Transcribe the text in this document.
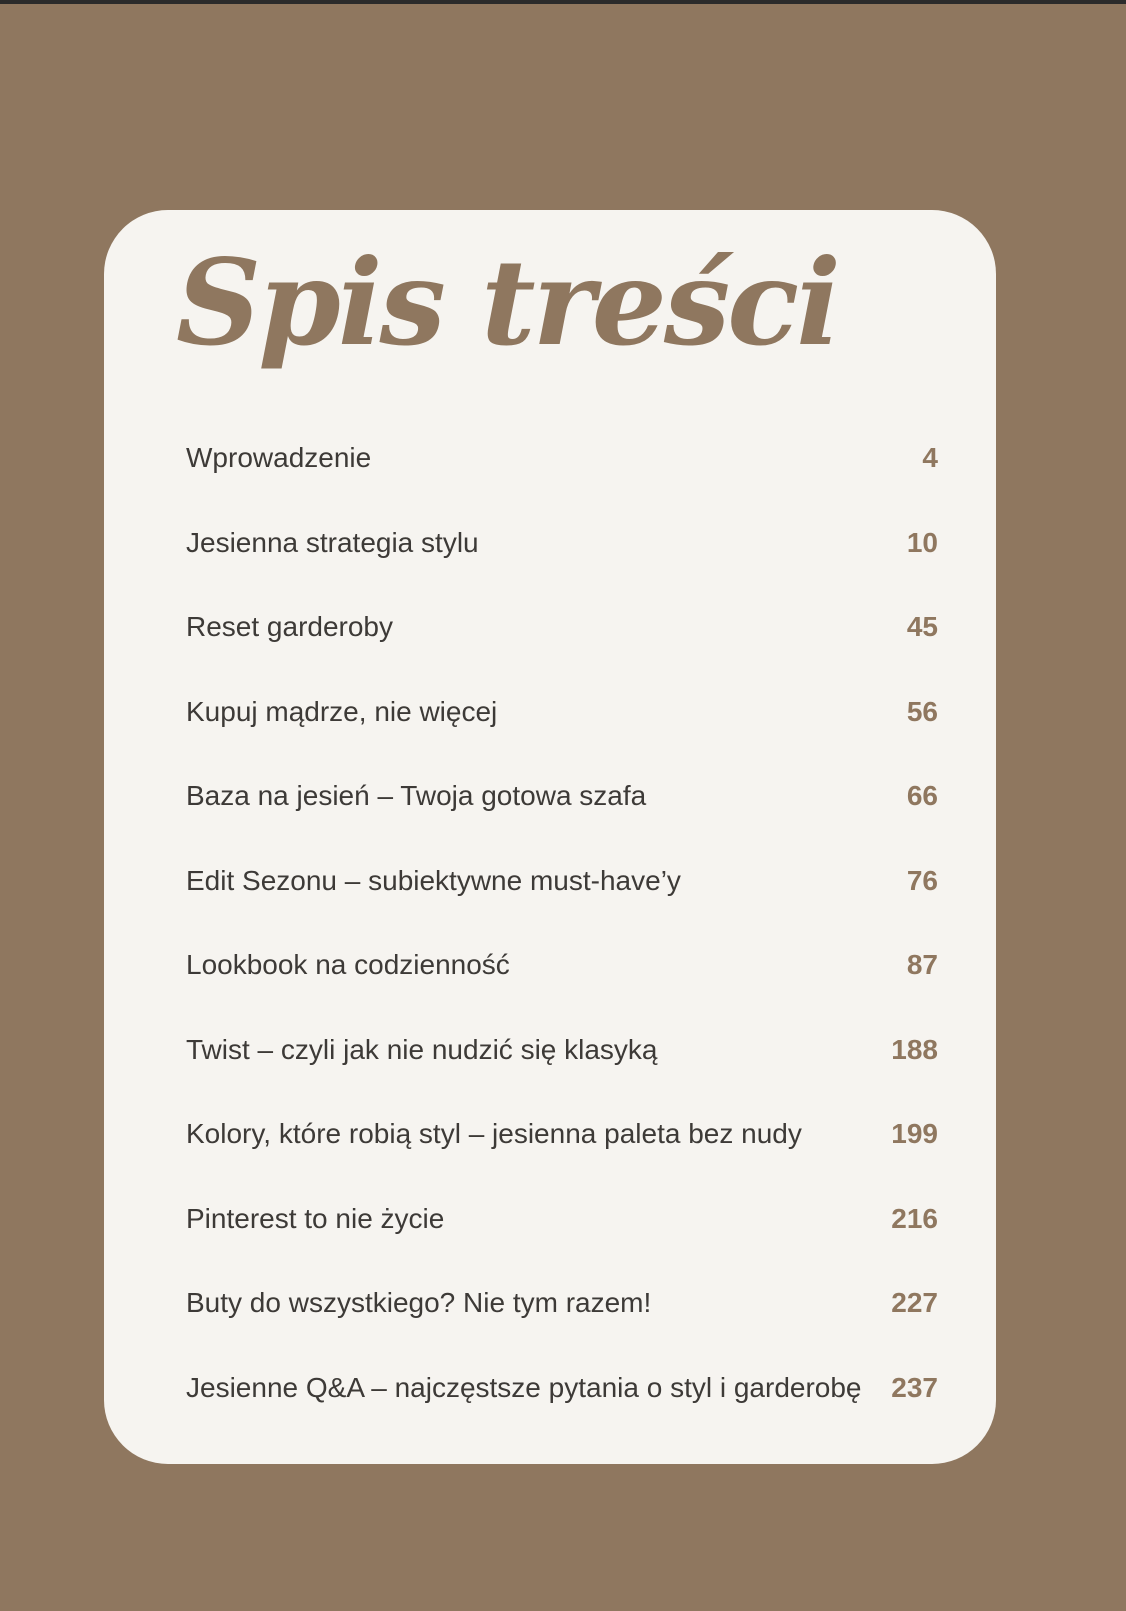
Spis treści
Wprowadzenie	4
Jesienna strategia stylu	10
Reset garderoby	45
Kupuj mądrze, nie więcej	56
Baza na jesień – Twoja gotowa szafa	66
Edit Sezonu – subiektywne must-have’y	76
Lookbook na codzienność	87
Twist – czyli jak nie nudzić się klasyką	188
Kolory, które robią styl – jesienna paleta bez nudy	199
Pinterest to nie życie	216
Buty do wszystkiego? Nie tym razem!	227
Jesienne Q&A – najczęstsze pytania o styl i garderobę	237
